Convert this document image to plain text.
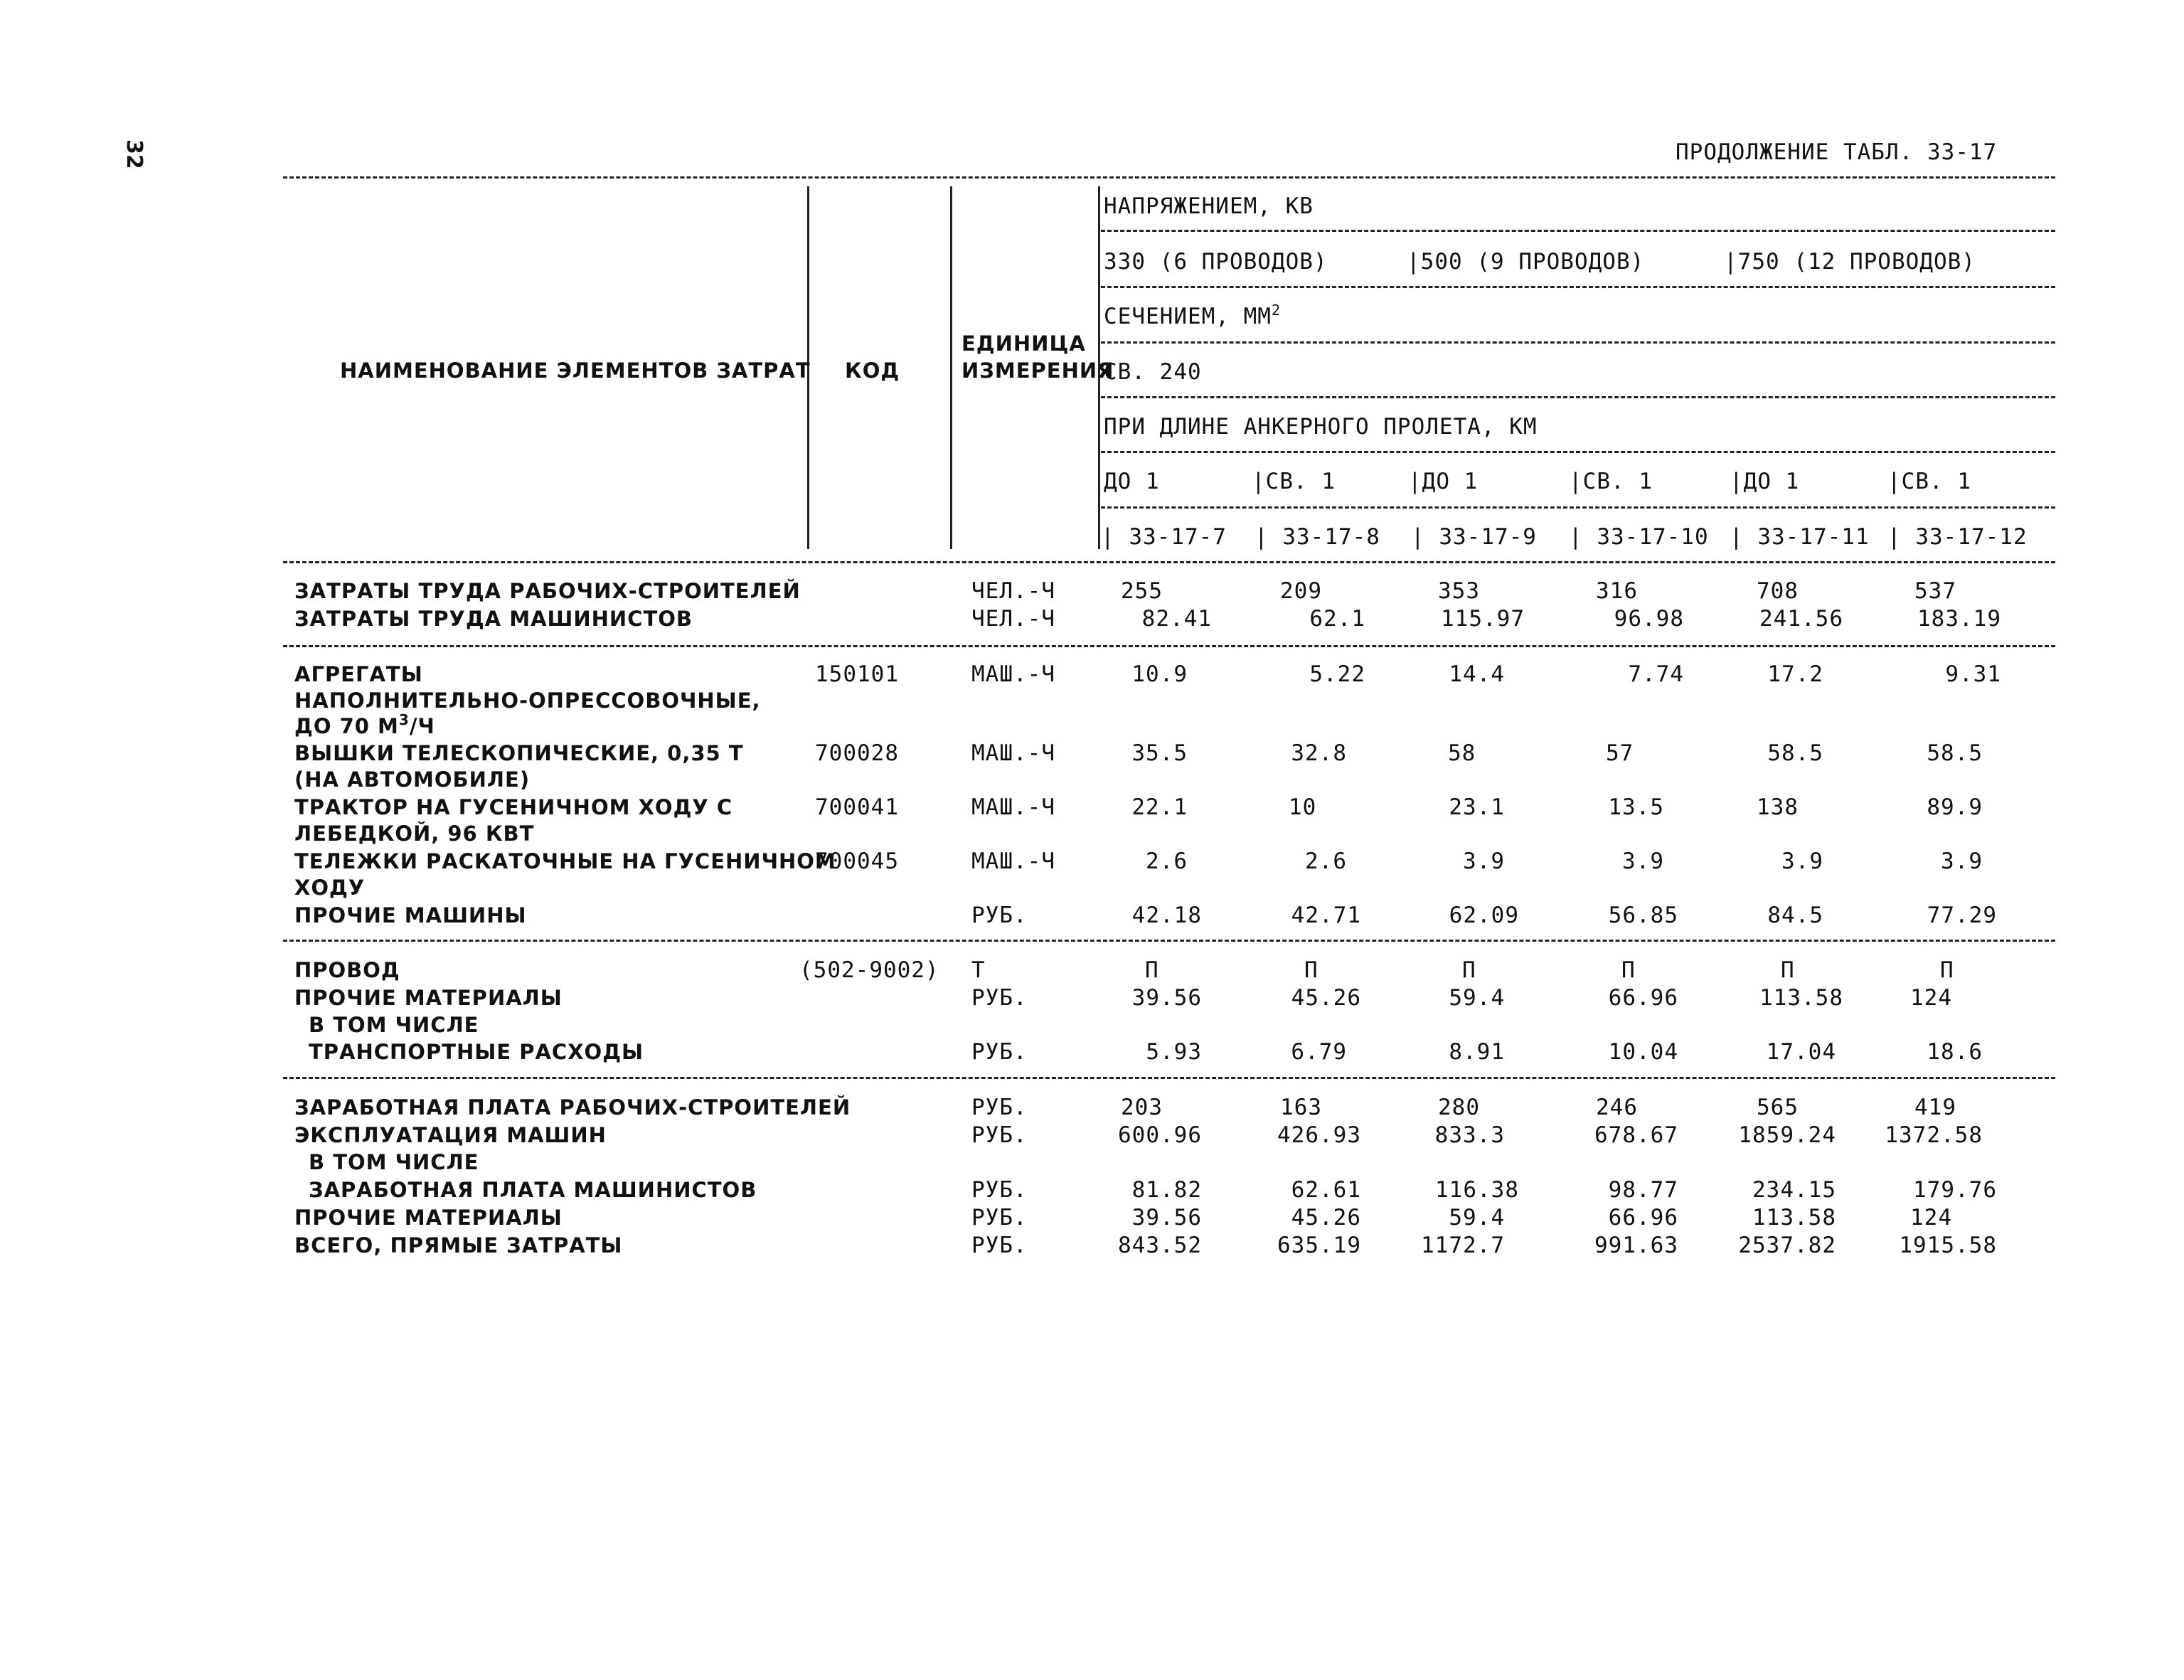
32	ПРОДОЛЖЕНИЕ ТАБЛ. 33-17
НАИМЕНОВАНИЕ ЭЛЕМЕНТОВ ЗАТРАТ КОД
ЕДИНИЦА
ИЗМЕРЕНИЯ
НАПРЯЖЕНИЕМ, КВ
330 (6 ПРОВОДОВ)	|500 (9 ПРОВОДОВ)	|750 (12 ПРОВОДОВ)
СЕЧЕНИЕМ, $ММ^2$
СВ. 240
ПРИ ДЛИНЕ АНКЕРНОГО ПРОЛЕТА, КМ
ДО 1	|СВ. 1	|ДО 1	|СВ. 1	|ДО 1	|СВ. 1
| 33-17-7 | 33-17-8 | 33-17-9 | 33-17-10 | 33-17-11 | 33-17-12
ЗАТРАТЫ ТРУДА РАБОЧИХ-СТРОИТЕЛЕЙ	ЧЕЛ.-Ч	255	209	353	316	708	537
ЗАТРАТЫ ТРУДА МАШИНИСТОВ	ЧЕЛ.-Ч	82.41	62.1	115.97	96.98	241.56	183.19
АГРЕГАТЫ
НАПОЛНИТЕЛЬНО-ОПРЕССОВОЧНЫЕ,
ДО 70 $М^3/Ч$
150101	МАШ.-Ч	10.9	5.22	14.4	7.74	17.2	9.31
ВЫШКИ ТЕЛЕСКОПИЧЕСКИЕ, 0,35 Т
(НА АВТОМОБИЛЕ)
700028	МАШ.-Ч	35.5	32.8	58	57	58.5	58.5
ТРАКТОР НА ГУСЕНИЧНОМ ХОДУ С
ЛЕБЕДКОЙ, 96 КВТ
700041	МАШ.-Ч	22.1	10	23.1	13.5	138	89.9
ТЕЛЕЖКИ РАСКАТОЧНЫЕ НА ГУСЕНИЧНОМ
ХОДУ
700045	МАШ.-Ч	2.6	2.6	3.9	3.9	3.9	3.9
ПРОЧИЕ МАШИНЫ	РУБ.	42.18	42.71	62.09	56.85	84.5	77.29
ПРОВОД	(502-9002) Т	П	П	П	П	П	П
ПРОЧИЕ МАТЕРИАЛЫ	РУБ.	39.56	45.26	59.4	66.96	113.58	124
В ТОМ ЧИСЛЕ
ТРАНСПОРТНЫЕ РАСХОДЫ	РУБ.	5.93	6.79	8.91	10.04	17.04	18.6
ЗАРАБОТНАЯ ПЛАТА РАБОЧИХ-СТРОИТЕЛЕЙ	РУБ.	203	163	280	246	565	419
ЭКСПЛУАТАЦИЯ МАШИН	РУБ.	600.96	426.93	833.3	678.67	1859.24	1372.58
В ТОМ ЧИСЛЕ
ЗАРАБОТНАЯ ПЛАТА МАШИНИСТОВ	РУБ.	81.82	62.61	116.38	98.77	234.15	179.76
ПРОЧИЕ МАТЕРИАЛЫ	РУБ.	39.56	45.26	59.4	66.96	113.58	124
ВСЕГО, ПРЯМЫЕ ЗАТРАТЫ	РУБ.	843.52	635.19	1172.7	991.63	2537.82	1915.58
